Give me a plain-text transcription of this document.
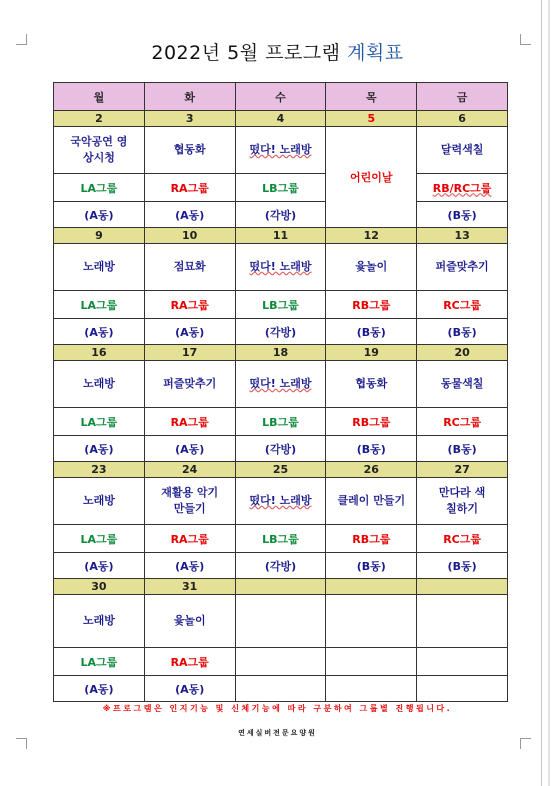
2022년 5월 프로그램 계획표
월	화	수	목	금
2	3	4	5	6
국악공연 영상시청	협동화	떴다! 노래방	어린이날	달력색칠
LA그룹	RA그룹	LB그룹		RB/RC그룹
(A동)	(A동)	(각방)		(B동)
9	10	11	12	13
노래방	점묘화	떴다! 노래방	윷놀이	퍼즐맞추기
LA그룹	RA그룹	LB그룹	RB그룹	RC그룹
(A동)	(A동)	(각방)	(B동)	(B동)
16	17	18	19	20
노래방	퍼즐맞추기	떴다! 노래방	협동화	동물색칠
LA그룹	RA그룹	LB그룹	RB그룹	RC그룹
(A동)	(A동)	(각방)	(B동)	(B동)
23	24	25	26	27
노래방	재활용 악기 만들기	떴다! 노래방	클레이 만들기	만다라 색칠하기
LA그룹	RA그룹	LB그룹	RB그룹	RC그룹
(A동)	(A동)	(각방)	(B동)	(B동)
30	31			
노래방	윷놀이			
LA그룹	RA그룹			
(A동)	(A동)			
※프로그램은 인지기능 및 신체기능에 따라 구분하여 그룹별 진행됩니다.
연세실버전문요양원
